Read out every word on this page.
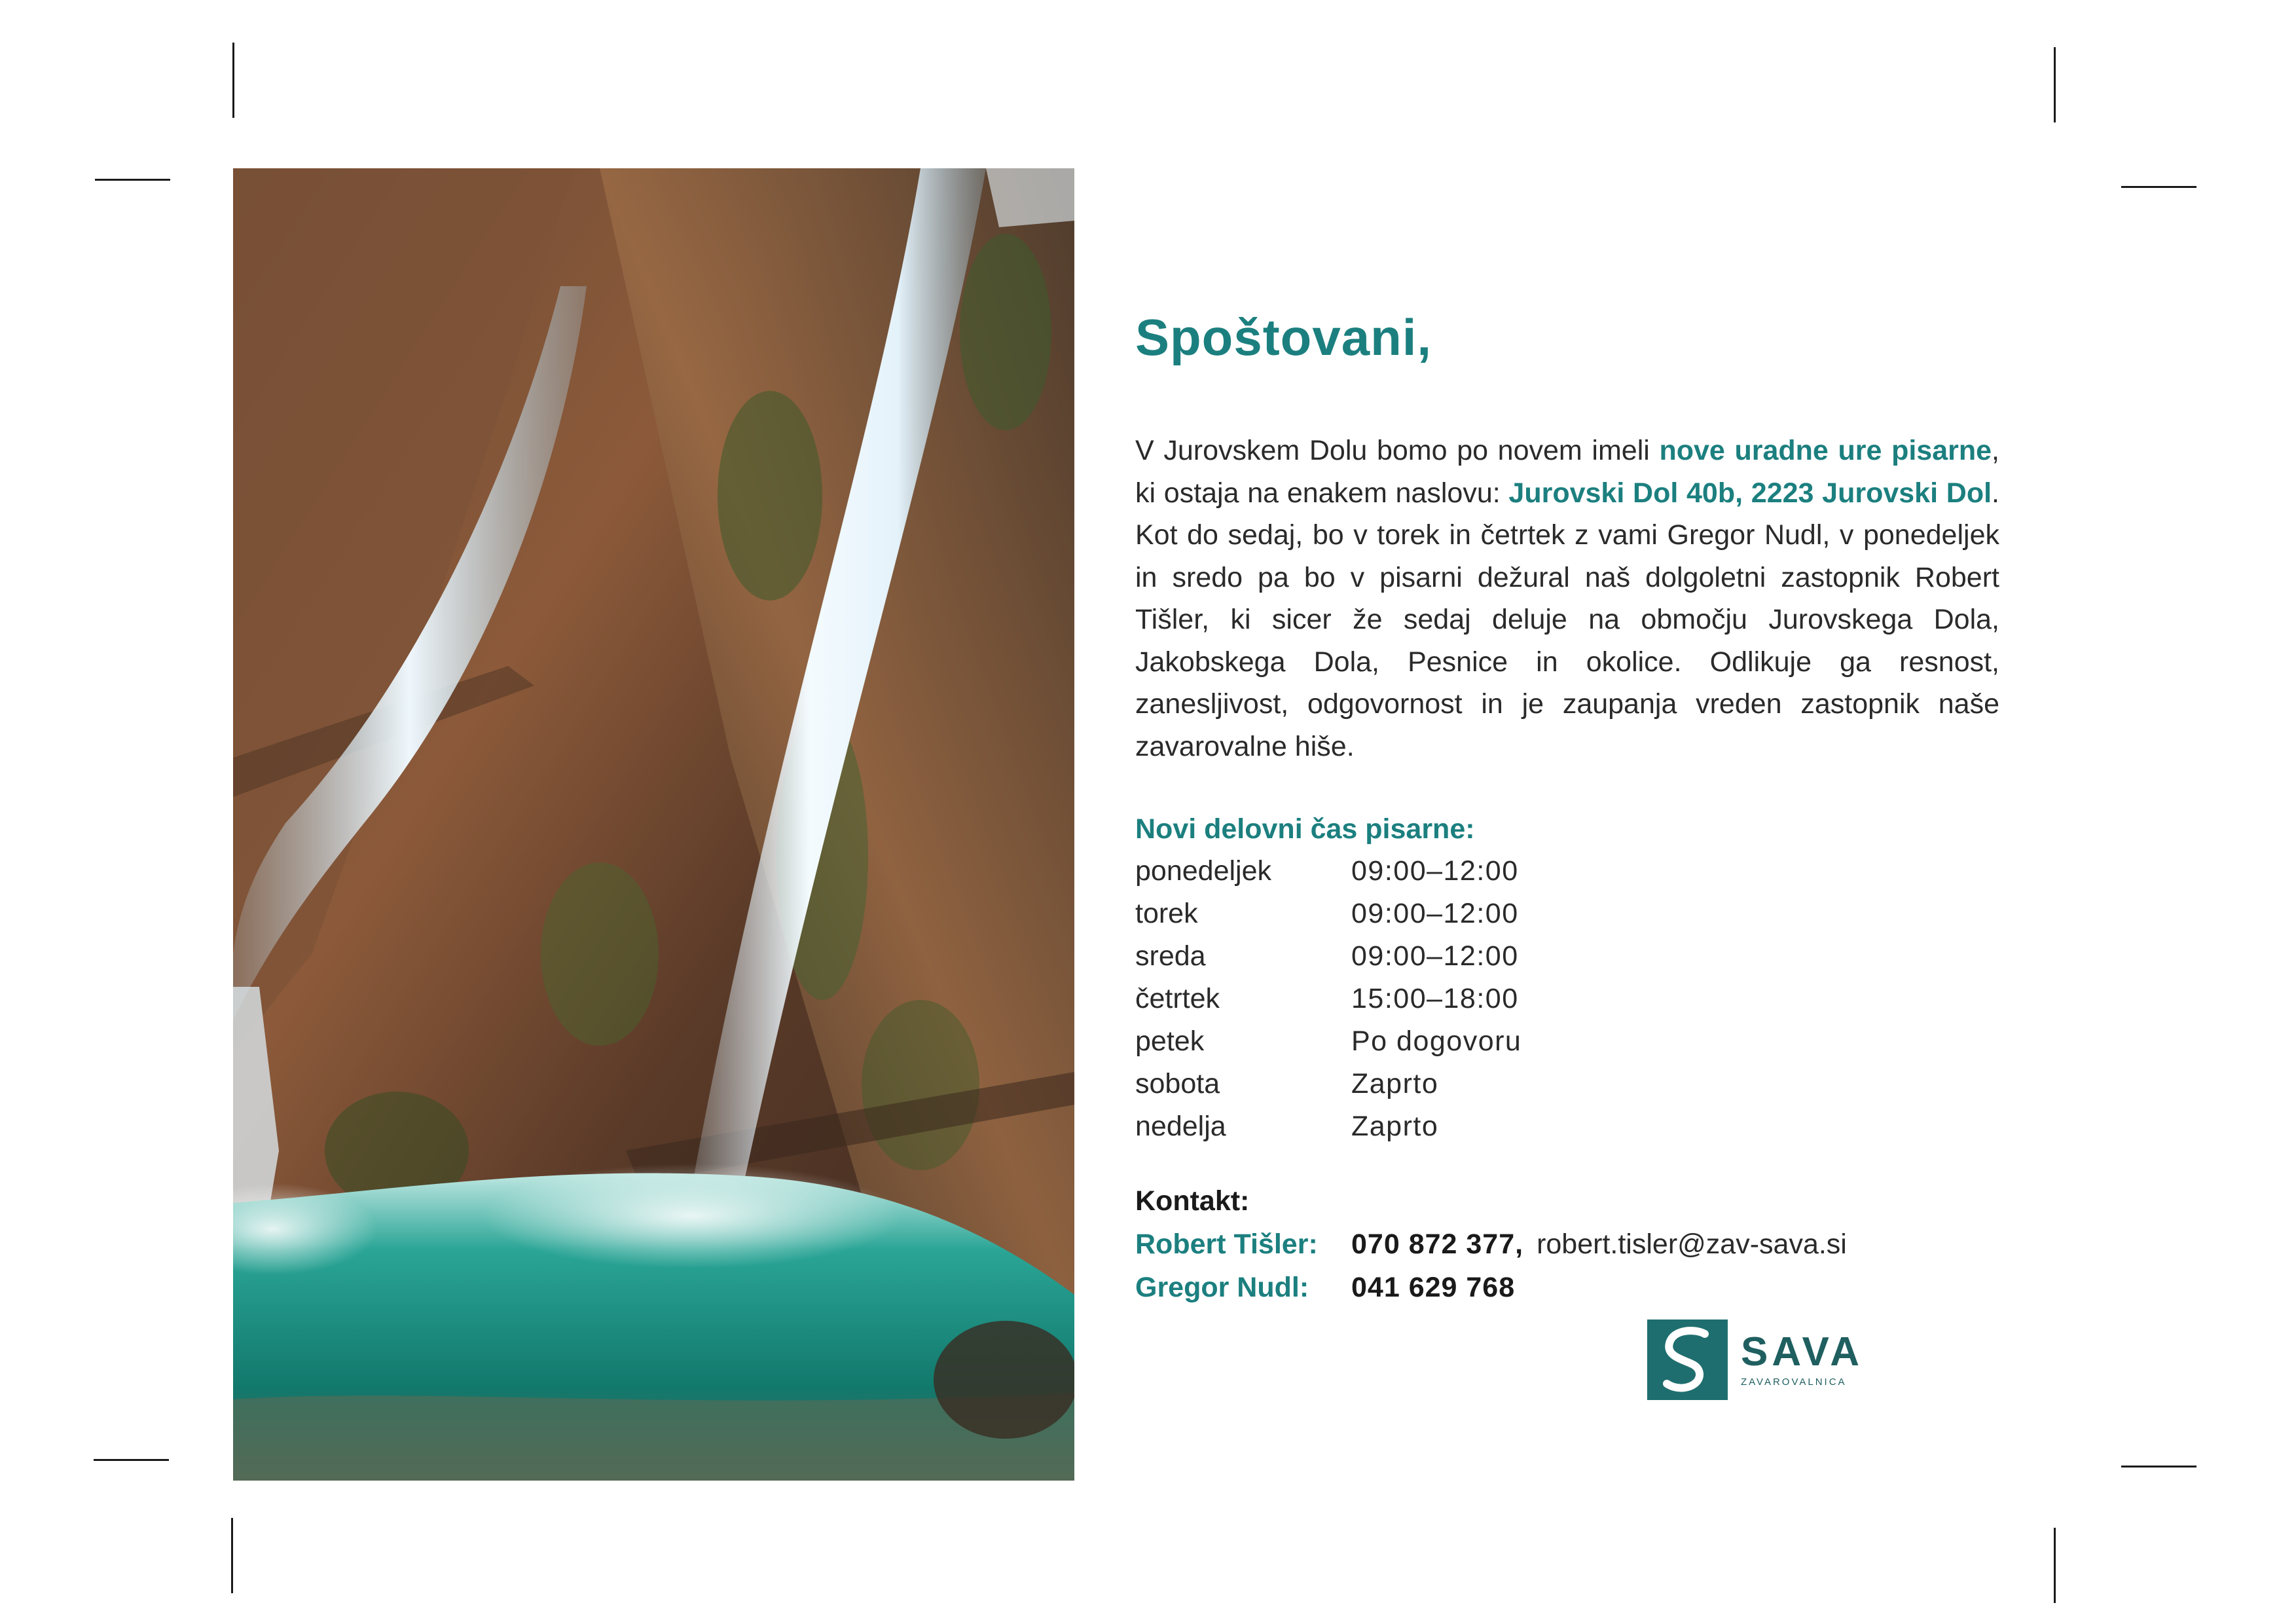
Spoštovani,

V Jurovskem Dolu bomo po novem imeli nove uradne ure pisarne, ki ostaja na enakem naslovu: Jurovski Dol 40b, 2223 Jurovski Dol. Kot do sedaj, bo v torek in četrtek z vami Gregor Nudl, v ponedeljek in sredo pa bo v pisarni dežural naš dolgoletni zastopnik Robert Tišler, ki sicer že sedaj deluje na območju Jurovskega Dola, Jakobskega Dola, Pesnice in okolice. Odlikuje ga resnost, zanesljivost, odgovornost in je zaupanja vreden zastopnik naše zavarovalne hiše.

Novi delovni čas pisarne:
ponedeljek	09:00–12:00
torek	09:00–12:00
sreda	09:00–12:00
četrtek	15:00–18:00
petek	Po dogovoru
sobota	Zaprto
nedelja	Zaprto
Kontakt:
Robert Tišler:	070 872 377, robert.tisler@zav-sava.si
Gregor Nudl:	041 629 768
SAVA
ZAVAROVALNICA
